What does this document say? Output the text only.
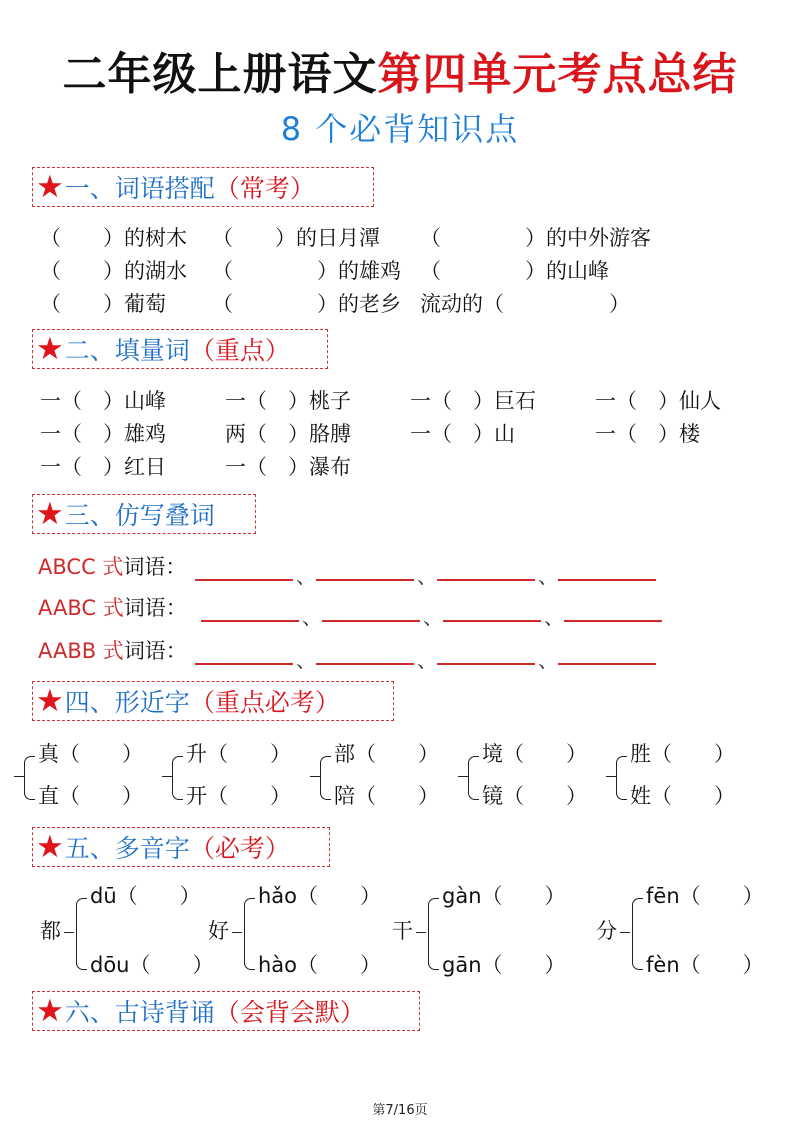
二年级上册语文第四单元考点总结
8 个必背知识点
★ 一、词语搭配 （常考）
（　　）的树木 （　　）的日月潭 （　　　　）的中外游客
（　　）的湖水 （　　　　）的雄鸡 （　　　　）的山峰
（　　）葡萄 （　　　　）的老乡 流动的（　　　　　）
★ 二、填量词 （重点）
一（　）山峰	一（　）桃子	一（　）巨石	一（　）仙人
一（　）雄鸡	两（　）胳膊	一（　）山	一（　）楼
一（　）红日	一（　）瀑布
★ 三、仿写叠词
ABCC 式词语：	、	、	、
AABC 式词语：	、	、	、
AABB 式词语：	、	、	、
★ 四、形近字 （重点必考）
真（　　）
直（　　）
升（　　）
开（　　）
部（　　）
陪（　　）
境（　　）
镜（　　）
胜（　　）
姓（　　）
★ 五、多音字 （必考）
都
dū（　　）
dōu（　　）
好
hǎo（　　）
hào（　　）
干
gàn（　　）
gān（　　）
分
fēn（　　）
fèn（　　）
★ 六、古诗背诵 （会背会默）
第7/16页
